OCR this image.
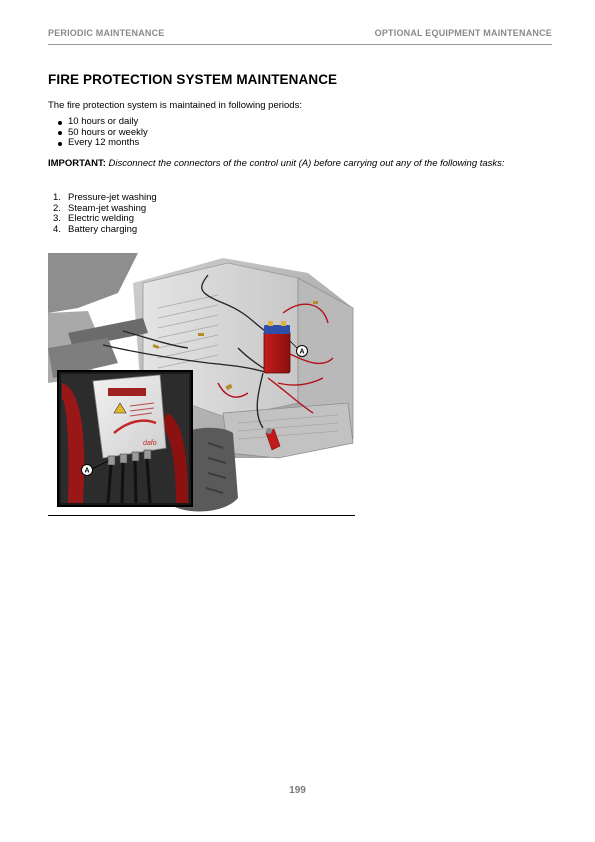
PERIODIC MAINTENANCE	OPTIONAL EQUIPMENT MAINTENANCE
FIRE PROTECTION SYSTEM MAINTENANCE

The fire protection system is maintained in following periods:

10 hours or daily
50 hours or weekly
Every 12 months

IMPORTANT: Disconnect the connectors of the control unit (A) before carrying out any of the following tasks:

1. Pressure-jet washing
2. Steam-jet washing
3. Electric welding
4. Battery charging
A
dafo
A
199
